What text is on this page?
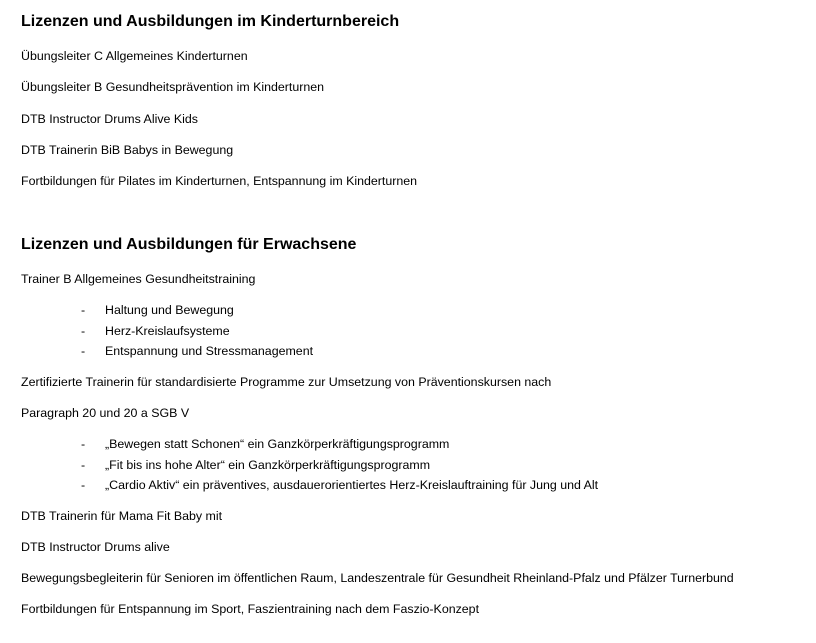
Lizenzen und Ausbildungen im Kinderturnbereich

Übungsleiter C Allgemeines Kinderturnen

Übungsleiter B Gesundheitsprävention im Kinderturnen

DTB Instructor Drums Alive Kids

DTB Trainerin BiB Babys in Bewegung

Fortbildungen für Pilates im Kinderturnen, Entspannung im Kinderturnen

Lizenzen und Ausbildungen für Erwachsene

Trainer B Allgemeines Gesundheitstraining

- Haltung und Bewegung
- Herz-Kreislaufsysteme
- Entspannung und Stressmanagement

Zertifizierte Trainerin für standardisierte Programme zur Umsetzung von Präventionskursen nach

Paragraph 20 und 20 a SGB V

- „Bewegen statt Schonen“ ein Ganzkörperkräftigungsprogramm
- „Fit bis ins hohe Alter“ ein Ganzkörperkräftigungsprogramm
- „Cardio Aktiv“ ein präventives, ausdauerorientiertes Herz-Kreislauftraining für Jung und Alt

DTB Trainerin für Mama Fit Baby mit

DTB Instructor Drums alive

Bewegungsbegleiterin für Senioren im öffentlichen Raum, Landeszentrale für Gesundheit Rheinland-Pfalz und Pfälzer Turnerbund

Fortbildungen für Entspannung im Sport, Faszientraining nach dem Faszio-Konzept
